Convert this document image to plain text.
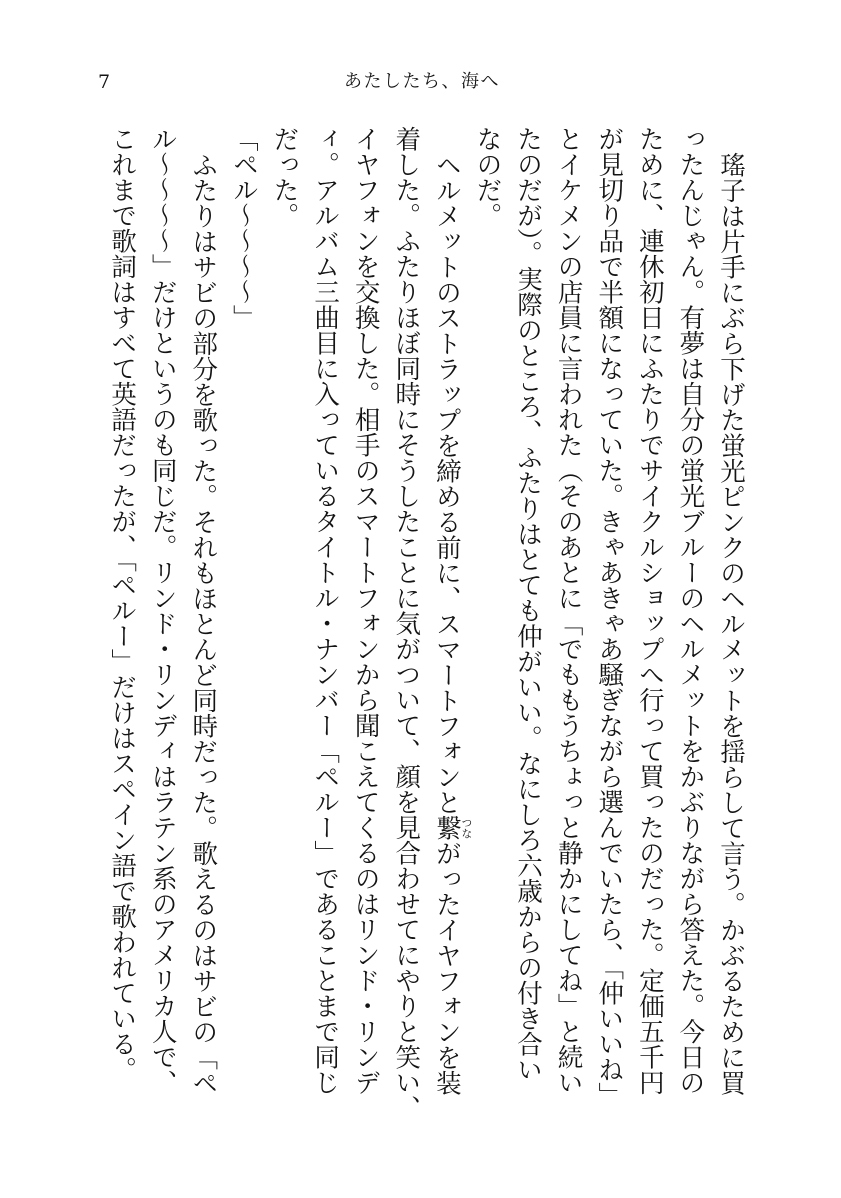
7	あたしたち、海へ

瑤子は片手にぶら下げた蛍光ピンクのヘルメットを揺らして言う。かぶるために買

ったんじゃん。有夢は自分の蛍光ブルーのヘルメットをかぶりながら答えた。今日の

ために、連休初日にふたりでサイクルショップへ行って買ったのだった。定価五千円

が見切り品で半額になっていた。きゃあきゃあ騒ぎながら選んでいたら、「仲いいね」

とイケメンの店員に言われた（そのあとに「でももうちょっと静かにしてね」と続い

たのだが）。実際のところ、ふたりはとても仲がいい。なにしろ六歳からの付き合い

なのだ。

ヘルメットのストラップを締める前に、スマートフォンと繋
つな
がったイヤフォンを装

着した。ふたりほぼ同時にそうしたことに気がついて、顔を見合わせてにやりと笑い、

イヤフォンを交換した。相手のスマートフォンから聞こえてくるのはリンド・リンデ

ィ。アルバム三曲目に入っているタイトル・ナンバー「ペルー」であることまで同じ

だった。

「ペル〜〜〜〜」

ふたりはサビの部分を歌った。それもほとんど同時だった。歌えるのはサビの「ペ

ル〜〜〜〜」だけというのも同じだ。リンド・リンディはラテン系のアメリカ人で、

これまで歌詞はすべて英語だったが、「ペルー」だけはスペイン語で歌われている。
